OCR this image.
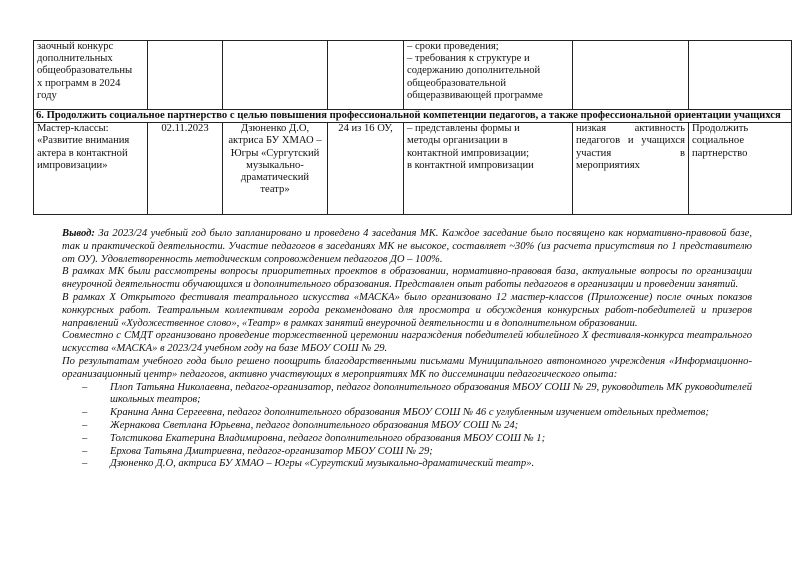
заочный конкурс
дополнительных
общеобразовательны
х программ в 2024
году				– сроки проведения;
– требования к структуре и
содержанию дополнительной
общеобразовательной
общеразвивающей программе		

6. Продолжить социальное партнерство с целью повышения профессиональной компетенции педагогов, а также профессиональной ориентации учащихся						
Мастер-классы: «Развитие внимания актера в контактной импровизации»	02.11.2023	Дзюненко Д.О, актриса БУ ХМАО – Югры «Сургутский музыкально-драматический театр»	24 из 16 ОУ,	– представлены формы и
методы организации в
контактной импровизации;
в контактной импровизации	низкая активность педагогов и учащихся участия в мероприятиях	Продолжить социальное партнерство

Вывод: За 2023/24 учебный год было запланировано и проведено 4 заседания МК. Каждое заседание было посвящено как нормативно-правовой базе, так и практической деятельности. Участие педагогов в заседаниях МК не высокое, составляет ~30% (из расчета присутствия по 1 представителю от ОУ). Удовлетворенность методическим сопровождением педагогов ДО – 100%.

В рамках МК были рассмотрены вопросы приоритетных проектов в образовании, нормативно-правовая база, актуальные вопросы по организации внеурочной деятельности обучающихся и дополнительного образования. Представлен опыт работы педагогов в организации и проведении занятий.

В рамках X Открытого фестиваля театрального искусства «МАСКА» было организовано 12 мастер-классов (Приложение) после очных показов конкурсных работ. Театральным коллективам города рекомендовано для просмотра и обсуждения конкурсных работ-победителей и призеров направлений «Художественное слово», «Театр» в рамках занятий внеурочной деятельности и в дополнительном образовании.

Совместно с СМДТ организовано проведение торжественной церемонии награждения победителей юбилейного X фестиваля-конкурса театрального искусства «МАСКА» в 2023/24 учебном году на базе МБОУ СОШ № 29.

По результатам учебного года было решено поощрить благодарственными письмами Муниципального автономного учреждения «Информационно-организационный центр» педагогов, активно участвующих в мероприятиях МК по диссеминации педагогического опыта:

– Плоп Татьяна Николаевна, педагог-организатор, педагог дополнительного образования МБОУ СОШ № 29, руководитель МК руководителей школьных театров;
– Кранина Анна Сергеевна, педагог дополнительного образования МБОУ СОШ № 46 с углубленным изучением отдельных предметов;
– Жернакова Светлана Юрьевна, педагог дополнительного образования МБОУ СОШ № 24;
– Толстикова Екатерина Владимировна, педагог дополнительного образования МБОУ СОШ № 1;
– Ерхова Татьяна Дмитриевна, педагог-организатор МБОУ СОШ № 29;
– Дзюненко Д.О, актриса БУ ХМАО – Югры «Сургутский музыкально-драматический театр».
